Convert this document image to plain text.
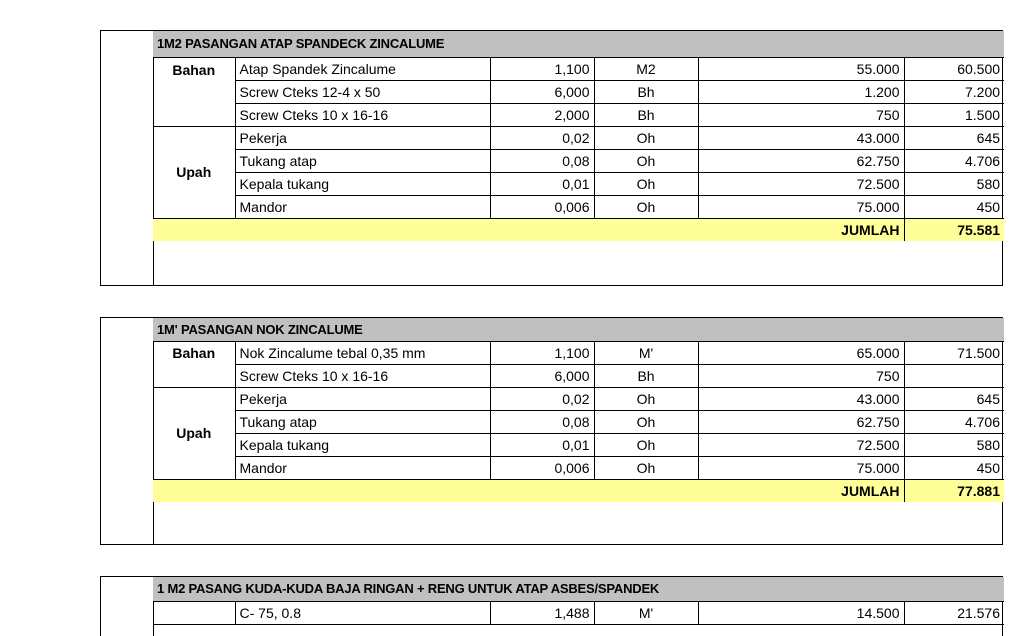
1M2 PASANGAN ATAP SPANDECK ZINCALUME					
Bahan	Atap Spandek Zincalume	1,100	M2	55.000	60.500
	Screw Cteks 12-4 x 50	6,000	Bh	1.200	7.200
	Screw Cteks 10 x 16-16	2,000	Bh	750	1.500
Upah	Pekerja	0,02	Oh	43.000	645
	Tukang atap	0,08	Oh	62.750	4.706
	Kepala tukang	0,01	Oh	72.500	580
	Mandor	0,006	Oh	75.000	450
JUMLAH					75.581
1M' PASANGAN NOK ZINCALUME					
Bahan	Nok Zincalume tebal 0,35 mm	1,100	M'	65.000	71.500
	Screw Cteks 10 x 16-16	6,000	Bh	750	
Upah	Pekerja	0,02	Oh	43.000	645
	Tukang atap	0,08	Oh	62.750	4.706
	Kepala tukang	0,01	Oh	72.500	580
	Mandor	0,006	Oh	75.000	450
JUMLAH					77.881
1 M2 PASANG KUDA-KUDA BAJA RINGAN + RENG UNTUK ATAP ASBES/SPANDEK
	C- 75, 0.8	1,488	M'	14.500	21.576
